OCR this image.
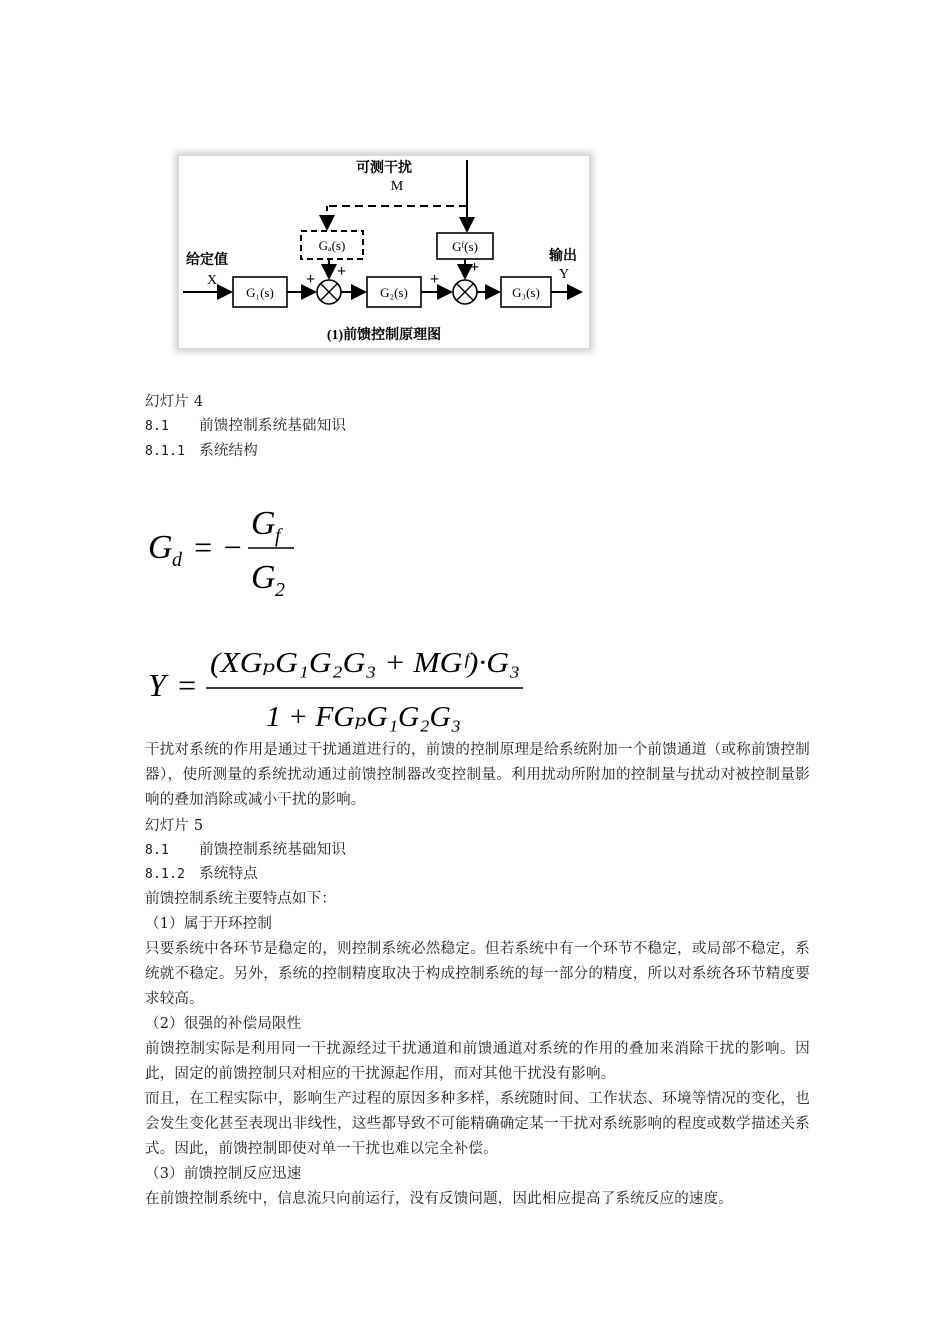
可测干扰
M
Gₐ(s)	Gᶠ(s)
给定值
X
G₁(s)
+ +
G₂(s)
+
+
G₃(s)
输出
Y
(1)前馈控制原理图
幻灯片 4
8.1 前馈控制系统基础知识
8.1.1 系统结构
G d = −
G f
G 2
Y =
(XGₚG₁G₂G₃ + MGᶠ)·G₃
1 + FGₚG₁G₂G₃
干扰对系统的作用是通过干扰通道进行的，前馈的控制原理是给系统附加一个前馈通道（或称前馈控制器），使所测量的系统扰动通过前馈控制器改变控制量。利用扰动所附加的控制量与扰动对被控制量影响的叠加消除或减小干扰的影响。
幻灯片 5
8.1 前馈控制系统基础知识
8.1.2 系统特点
前馈控制系统主要特点如下：
（1）属于开环控制
只要系统中各环节是稳定的，则控制系统必然稳定。但若系统中有一个环节不稳定，或局部不稳定，系统就不稳定。另外，系统的控制精度取决于构成控制系统的每一部分的精度，所以对系统各环节精度要求较高。
（2）很强的补偿局限性
前馈控制实际是利用同一干扰源经过干扰通道和前馈通道对系统的作用的叠加来消除干扰的影响。因此，固定的前馈控制只对相应的干扰源起作用，而对其他干扰没有影响。
而且，在工程实际中，影响生产过程的原因多种多样，系统随时间、工作状态、环境等情况的变化，也会发生变化甚至表现出非线性，这些都导致不可能精确确定某一干扰对系统影响的程度或数学描述关系式。因此，前馈控制即使对单一干扰也难以完全补偿。
（3）前馈控制反应迅速
在前馈控制系统中，信息流只向前运行，没有反馈问题，因此相应提高了系统反应的速度。
